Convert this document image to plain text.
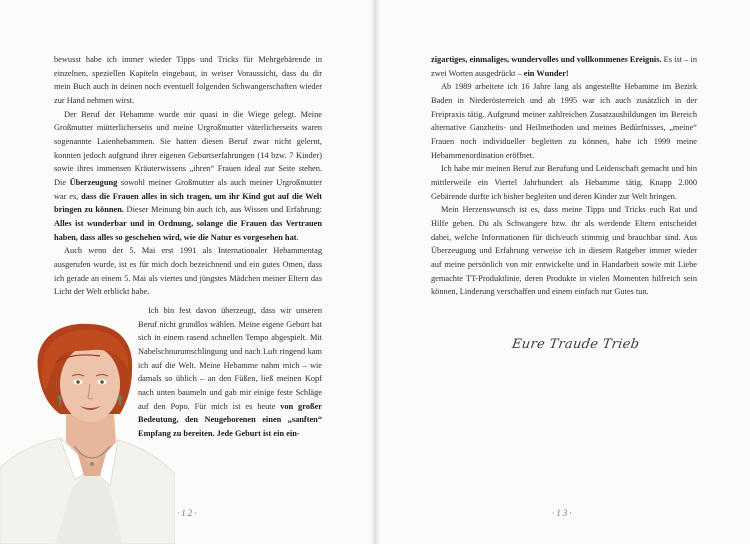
bewusst habe ich immer wieder Tipps und Tricks für Mehrgebärende in einzelnen, speziellen Kapiteln eingebaut, in weiser Voraussicht, dass du dir mein Buch auch in deinen noch eventuell folgenden Schwangerschaften wieder zur Hand nehmen wirst.

Der Beruf der Hebamme wurde mir quasi in die Wiege gelegt. Meine Großmutter mütterlicherseits und meine Urgroßmutter väterlicherseits waren sogenannte Laienhebammen. Sie hatten diesen Beruf zwar nicht gelernt, konnten jedoch aufgrund ihrer eigenen Geburtserfahrungen (14 bzw. 7 Kinder) sowie ihres immensen Kräuterwissens „ihren“ Frauen ideal zur Seite stehen. Die Überzeugung sowohl meiner Großmutter als auch meiner Urgroßmutter war es, dass die Frauen alles in sich tragen, um ihr Kind gut auf die Welt bringen zu können. Dieser Meinung bin auch ich, aus Wissen und Erfahrung: Alles ist wunderbar und in Ordnung, solange die Frauen das Vertrauen haben, dass alles so geschehen wird, wie die Natur es vorgesehen hat.

Auch wenn der 5. Mai erst 1991 als Internationaler Hebammentag ausgerufen wurde, ist es für mich doch bezeichnend und ein gutes Omen, dass ich gerade an einem 5. Mai als viertes und jüngstes Mädchen meiner Eltern das Licht der Welt erblickt habe.

Ich bin fest davon überzeugt, dass wir unseren Beruf nicht grundlos wählen. Meine eigene Geburt hat sich in einem rasend schnellen Tempo abgespielt. Mit Nabelschnurumschlingung und nach Luft ringend kam ich auf die Welt. Meine Hebamme nahm mich – wie damals so üblich – an den Füßen, ließ meinen Kopf nach unten baumeln und gab mir einige feste Schläge auf den Popo. Für mich ist es heute von großer Bedeutung, den Neugeborenen einen „sanften“ Empfang zu bereiten. Jede Geburt ist ein ein-

·12·

zigartiges, einmaliges, wundervolles und vollkommenes Ereignis. Es ist – in zwei Worten ausgedrückt – ein Wunder!

Ab 1989 arbeitete ich 16 Jahre lang als angestellte Hebamme im Bezirk Baden in Niederösterreich und ab 1995 war ich auch zusätzlich in der Freipraxis tätig. Aufgrund meiner zahlreichen Zusatzausbildungen im Bereich alternative Ganzheits- und Heilmethoden und meines Bedürfnisses, „meine“ Frauen noch individueller begleiten zu können, habe ich 1999 meine Hebammenordination eröffnet.

Ich habe mir meinen Beruf zur Berufung und Leidenschaft gemacht und bin mittlerweile ein Viertel Jahrhundert als Hebamme tätig. Knapp 2.000 Gebärende durfte ich bisher begleiten und deren Kinder zur Welt bringen.

Mein Herzenswunsch ist es, dass meine Tipps und Tricks euch Rat und Hilfe geben. Du als Schwangere bzw. ihr als werdende Eltern entscheidet dabei, welche Informationen für dich/euch stimmig und brauchbar sind. Aus Überzeugung und Erfahrung verweise ich in diesem Ratgeber immer wieder auf meine persönlich von mir entwickelte und in Handarbeit sowie mit Liebe gemachte TT-Produktlinie, deren Produkte in vielen Momenten hilfreich sein können, Linderung verschaffen und einem einfach nur Gutes tun.

Eure Traude Trieb
·13·
